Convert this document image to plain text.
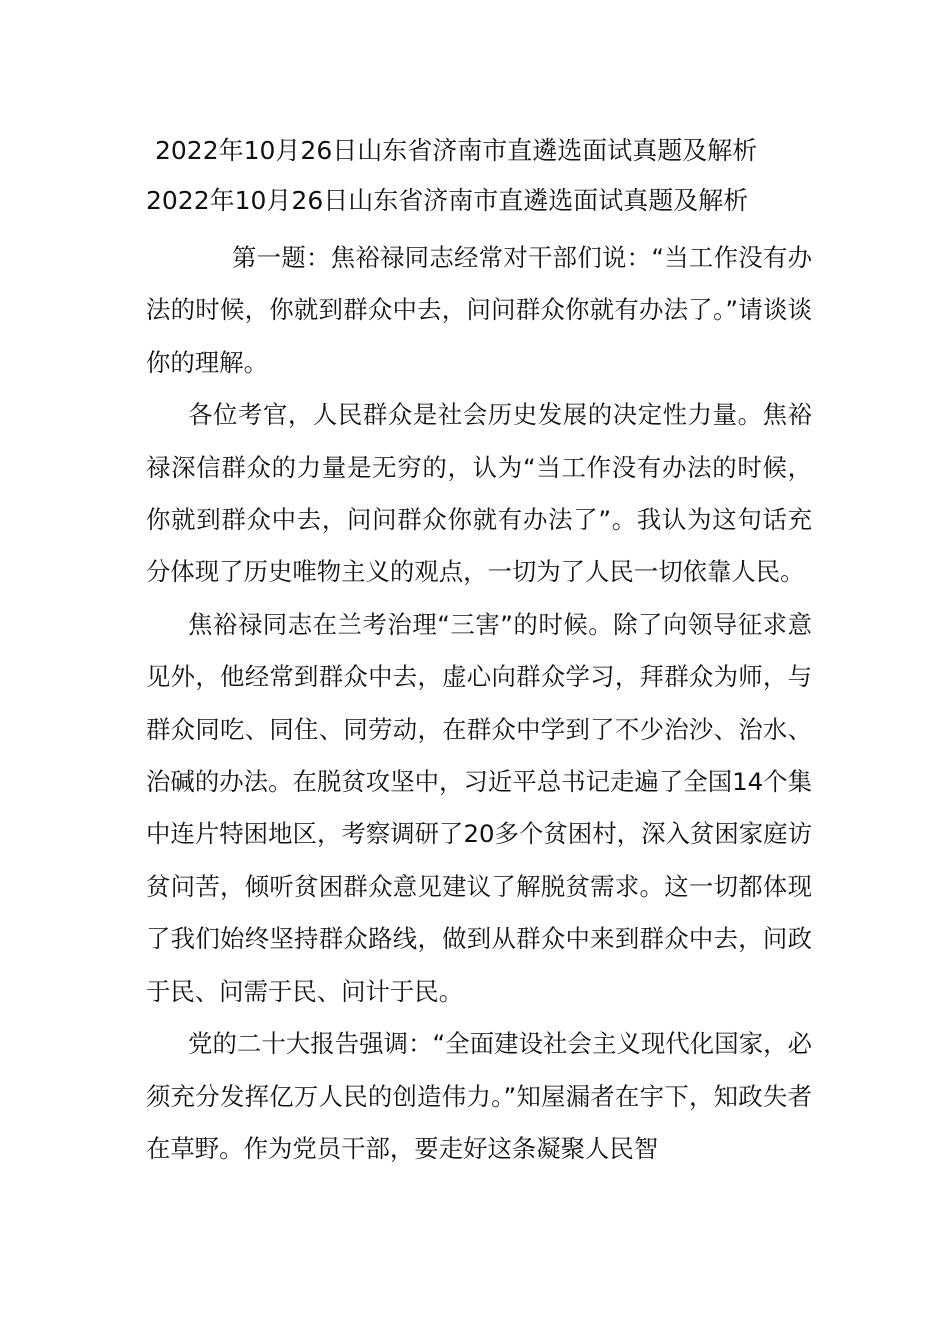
2022年10月26日山东省济南市直遴选面试真题及解析
2022年10月26日山东省济南市直遴选面试真题及解析

第一题：焦裕禄同志经常对干部们说：“当工作没有办法的时候，你就到群众中去，问问群众你就有办法了。”请谈谈你的理解。

各位考官，人民群众是社会历史发展的决定性力量。焦裕禄深信群众的力量是无穷的，认为“当工作没有办法的时候，你就到群众中去，问问群众你就有办法了”。我认为这句话充分体现了历史唯物主义的观点，一切为了人民一切依靠人民。

焦裕禄同志在兰考治理“三害”的时候。除了向领导征求意见外，他经常到群众中去，虚心向群众学习，拜群众为师，与群众同吃、同住、同劳动，在群众中学到了不少治沙、治水、治碱的办法。在脱贫攻坚中，习近平总书记走遍了全国14个集中连片特困地区，考察调研了20多个贫困村，深入贫困家庭访贫问苦，倾听贫困群众意见建议了解脱贫需求。这一切都体现了我们始终坚持群众路线，做到从群众中来到群众中去，问政于民、问需于民、问计于民。

党的二十大报告强调：“全面建设社会主义现代化国家，必须充分发挥亿万人民的创造伟力。”知屋漏者在宇下，知政失者在草野。作为党员干部，要走好这条凝聚人民智
